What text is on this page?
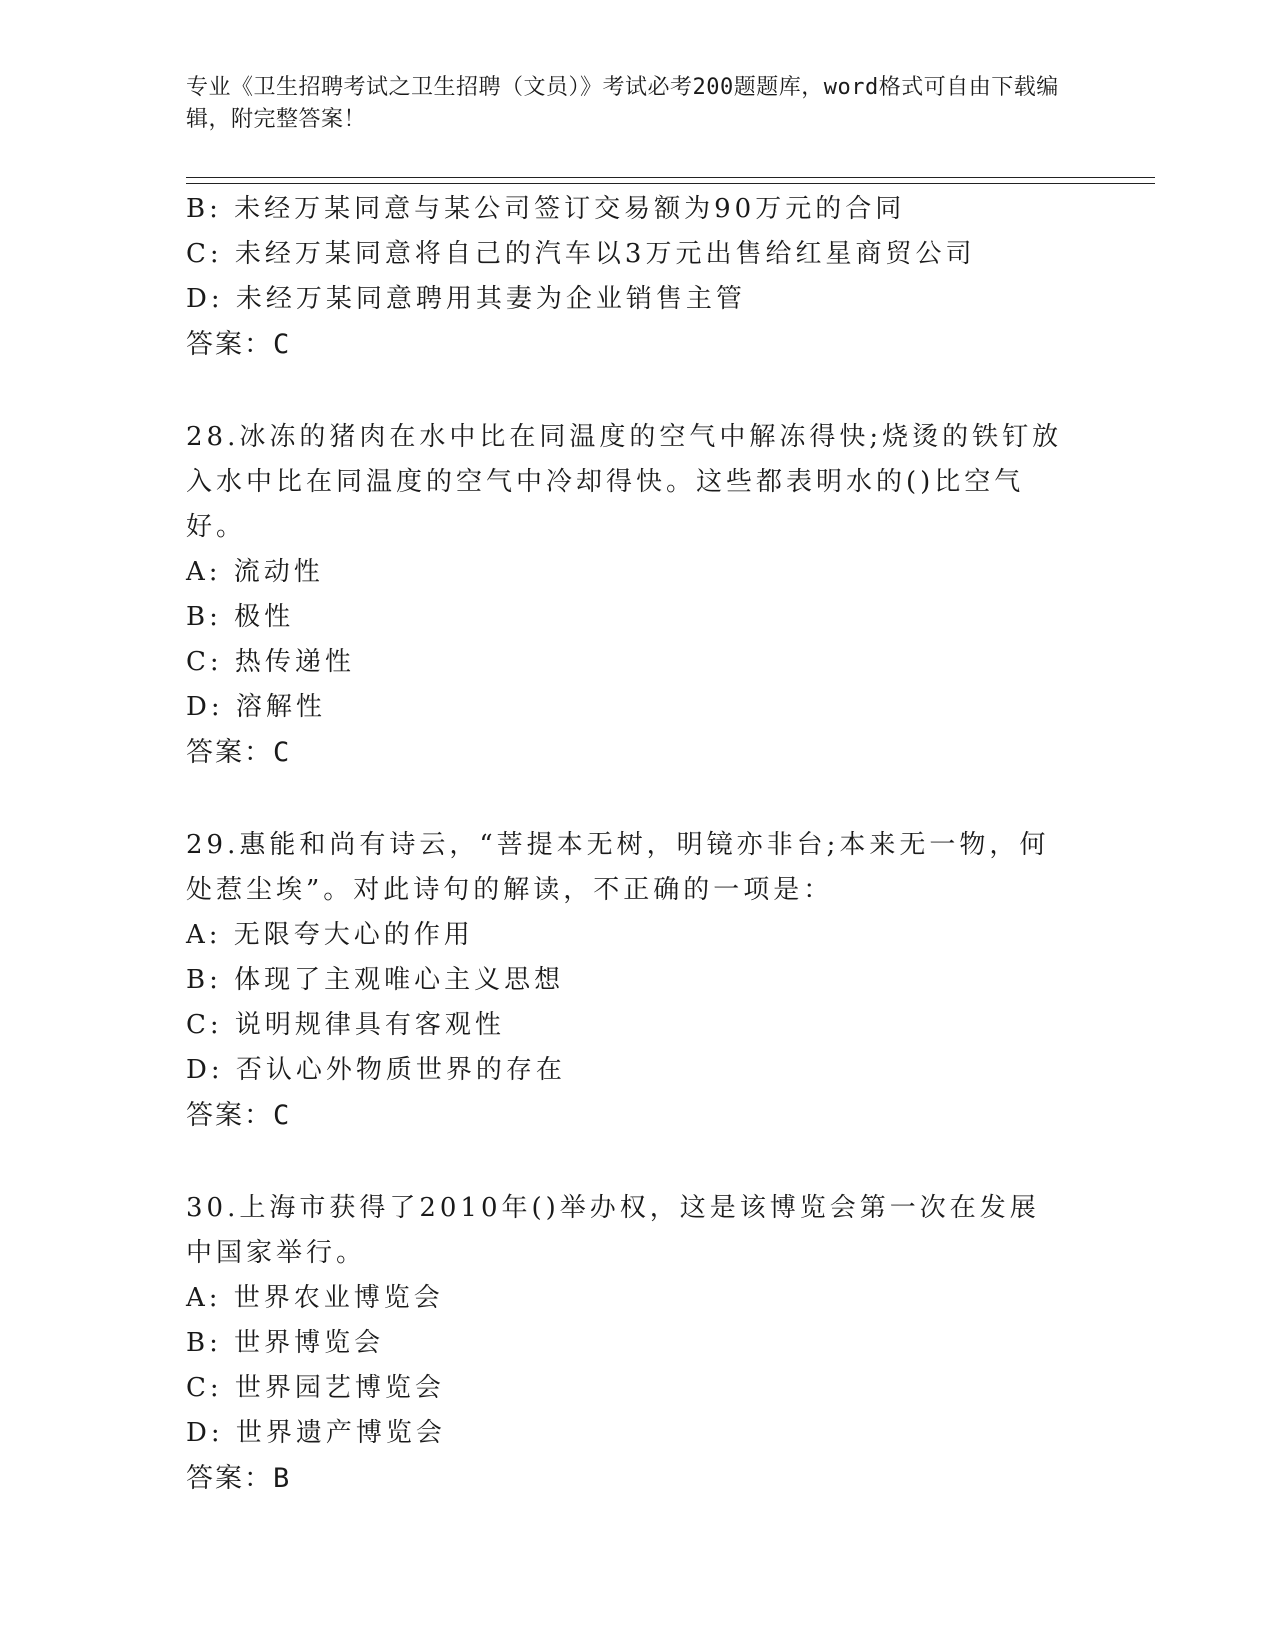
专业《卫生招聘考试之卫生招聘（文员）》考试必考200题题库，word格式可自由下载编辑，附完整答案！
B: 未经万某同意与某公司签订交易额为90万元的合同
C: 未经万某同意将自己的汽车以3万元出售给红星商贸公司
D: 未经万某同意聘用其妻为企业销售主管
答案：C
28.冰冻的猪肉在水中比在同温度的空气中解冻得快;烧烫的铁钉放入水中比在同温度的空气中冷却得快。这些都表明水的()比空气好。
A: 流动性
B: 极性
C: 热传递性
D: 溶解性
答案：C
29.惠能和尚有诗云，“菩提本无树，明镜亦非台;本来无一物，何处惹尘埃”。对此诗句的解读，不正确的一项是：
A: 无限夸大心的作用
B: 体现了主观唯心主义思想
C: 说明规律具有客观性
D: 否认心外物质世界的存在
答案：C
30.上海市获得了2010年()举办权，这是该博览会第一次在发展中国家举行。
A: 世界农业博览会
B: 世界博览会
C: 世界园艺博览会
D: 世界遗产博览会
答案：B
